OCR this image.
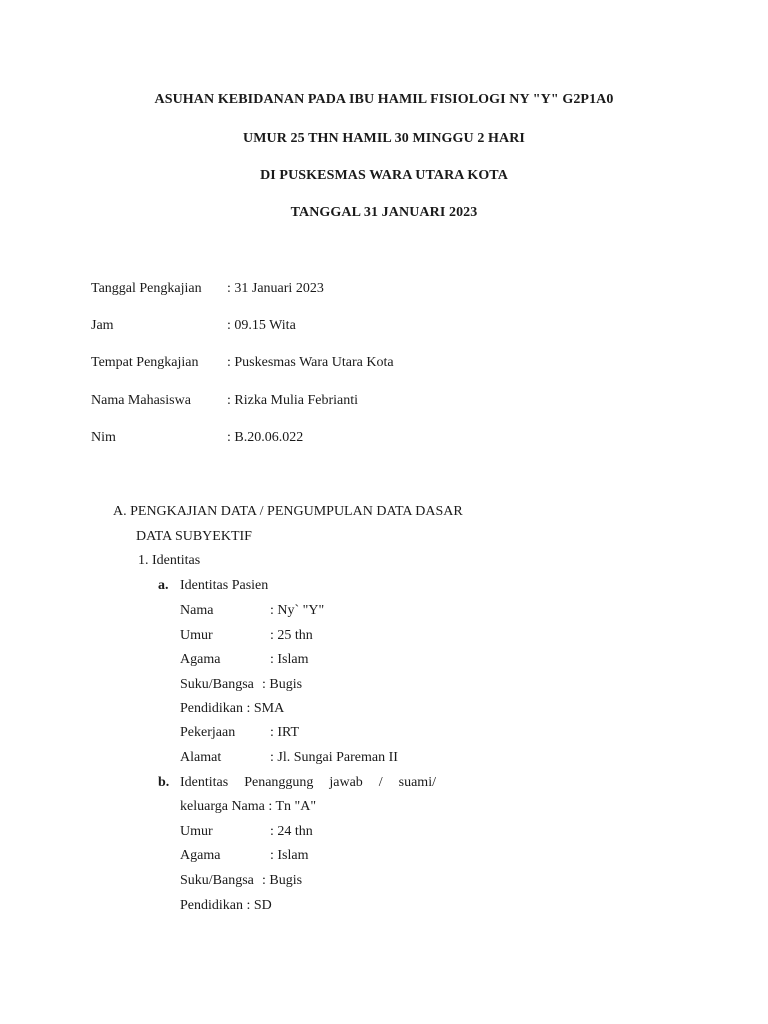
ASUHAN KEBIDANAN PADA IBU HAMIL FISIOLOGI NY "Y" G2P1A0
UMUR 25 THN HAMIL 30 MINGGU 2 HARI
DI PUSKESMAS WARA UTARA KOTA
TANGGAL 31 JANUARI 2023
Tanggal Pengkajian : 31 Januari 2023
Jam	: 09.15 Wita
Tempat Pengkajian : Puskesmas Wara Utara Kota
Nama Mahasiswa	: Rizka Mulia Febrianti
Nim	: B.20.06.022
A. PENGKAJIAN DATA / PENGUMPULAN DATA DASAR
DATA SUBYEKTIF
1. Identitas
a. Identitas Pasien
Nama	: Ny` "Y"
Umur	: 25 thn
Agama	: Islam
Suku/Bangsa : Bugis
Pendidikan : SMA
Pekerjaan : IRT
Alamat	: Jl. Sungai Pareman II
b. Identitas Penanggung jawab / suami/
keluarga Nama : Tn "A"
Umur	: 24 thn
Agama	: Islam
Suku/Bangsa : Bugis
Pendidikan : SD
